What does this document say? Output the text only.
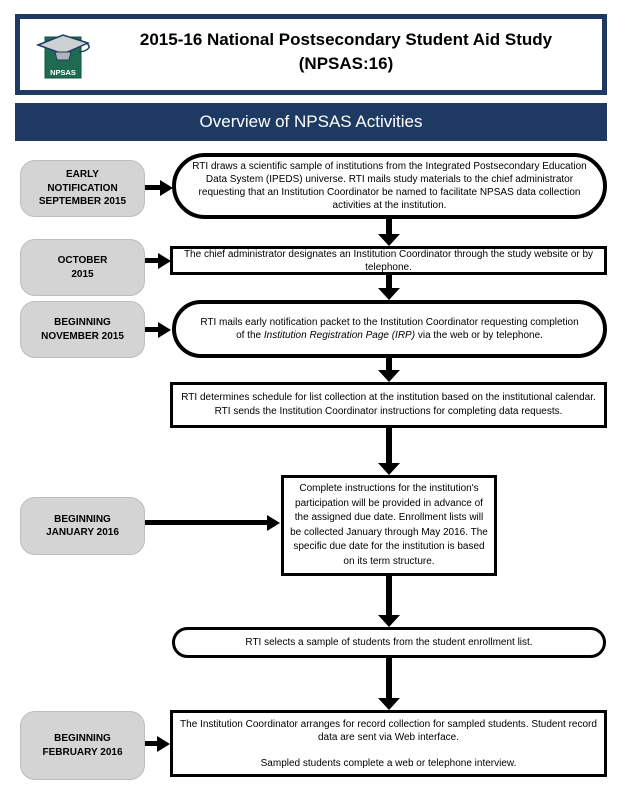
NPSAS
2015-16 National Postsecondary Student Aid Study
(NPSAS:16)
Overview of NPSAS Activities
EARLY
NOTIFICATION
SEPTEMBER 2015
OCTOBER
2015
BEGINNING
NOVEMBER 2015
BEGINNING
JANUARY 2016
BEGINNING
FEBRUARY 2016
RTI draws a scientific sample of institutions from the Integrated Postsecondary Education Data System (IPEDS) universe. RTI mails study materials to the chief administrator requesting that an Institution Coordinator be named to facilitate NPSAS data collection activities at the institution.
The chief administrator designates an Institution Coordinator through the study website or by telephone.
RTI mails early notification packet to the Institution Coordinator requesting completion of the Institution Registration Page (IRP) via the web or by telephone.
RTI determines schedule for list collection at the institution based on the institutional calendar. RTI sends the Institution Coordinator instructions for completing data requests.
Complete instructions for the institution's participation will be provided in advance of the assigned due date. Enrollment lists will be collected January through May 2016. The specific due date for the institution is based on its term structure.
RTI selects a sample of students from the student enrollment list.
The Institution Coordinator arranges for record collection for sampled students. Student record data are sent via Web interface.
Sampled students complete a web or telephone interview.
